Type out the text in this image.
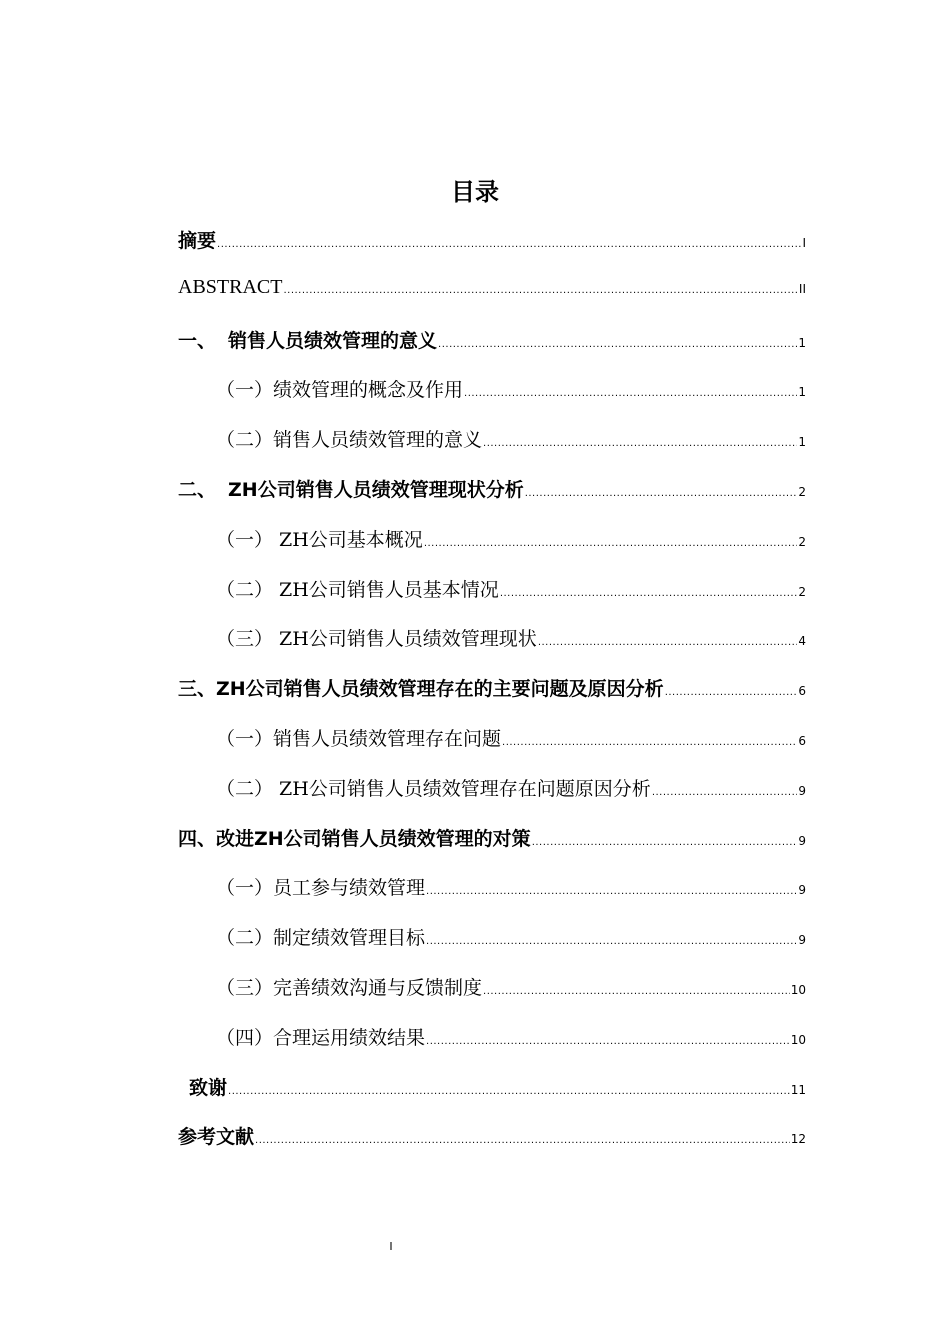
目录
摘要 .....	I
ABSTRACT .....	II
一、 销售人员绩效管理的意义 .....	1
（一）绩效管理的概念及作用 .....	1
（二）销售人员绩效管理的意义 .....	1
二、 ZH公司销售人员绩效管理现状分析 .....	2
（一） ZH公司基本概况 .....	2
（二） ZH公司销售人员基本情况 .....	2
（三） ZH公司销售人员绩效管理现状 .....	4
三、ZH公司销售人员绩效管理存在的主要问题及原因分析 .....	6
（一）销售人员绩效管理存在问题 .....	6
（二） ZH公司销售人员绩效管理存在问题原因分析 .....	9
四、改进ZH公司销售人员绩效管理的对策 .....	9
（一）员工参与绩效管理 .....	9
（二）制定绩效管理目标 .....	9
（三）完善绩效沟通与反馈制度 .....	10
（四）合理运用绩效结果 .....	10
致谢 .....	11
参考文献 .....	12
I
